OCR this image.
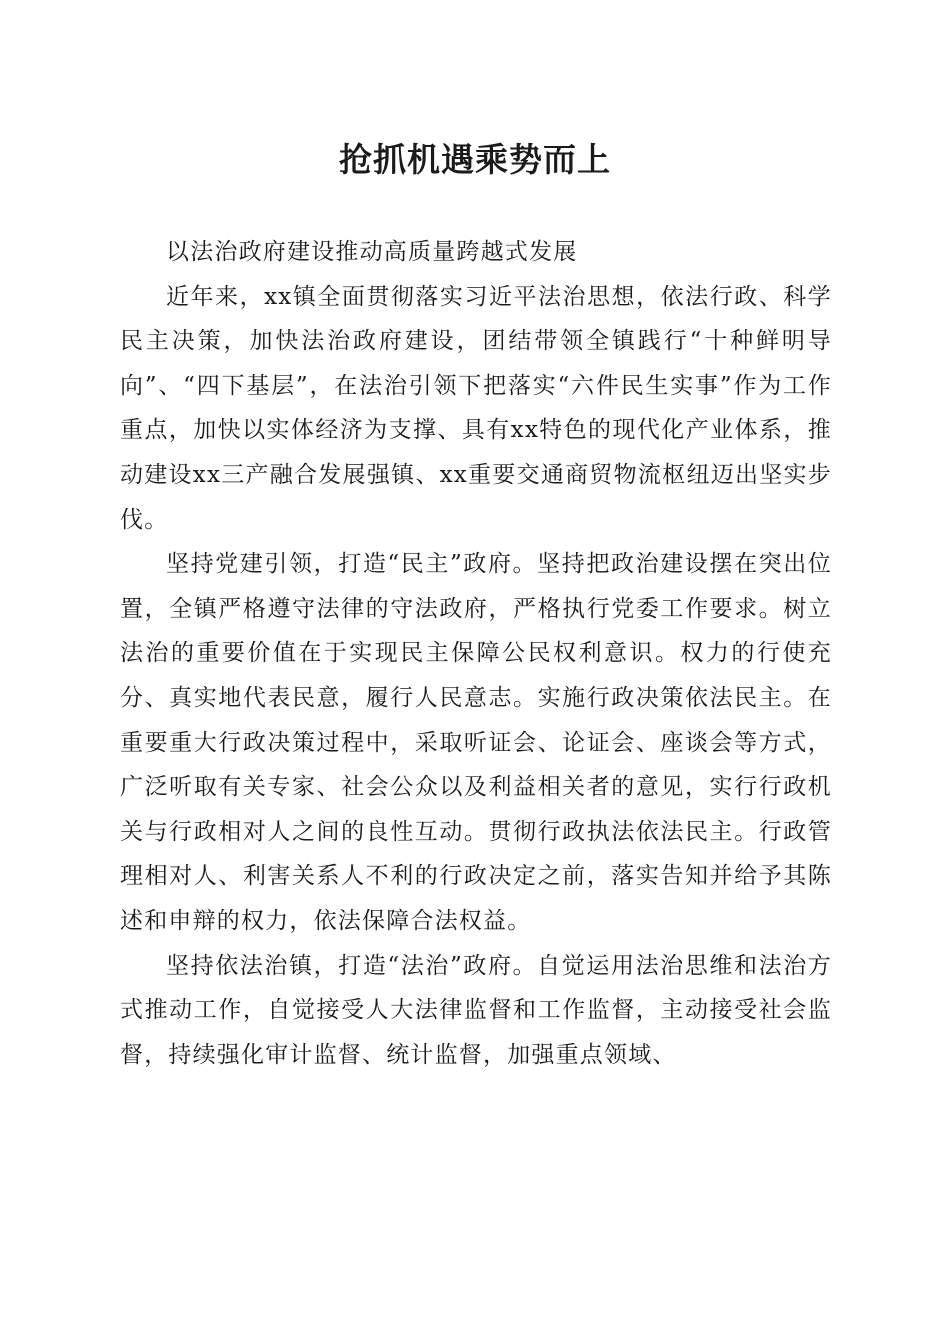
抢抓机遇乘势而上

以法治政府建设推动高质量跨越式发展

近年来，xx镇全面贯彻落实习近平法治思想，依法行政、科学民主决策，加快法治政府建设，团结带领全镇践行“十种鲜明导向”、“四下基层”，在法治引领下把落实“六件民生实事”作为工作重点，加快以实体经济为支撑、具有xx特色的现代化产业体系，推动建设xx三产融合发展强镇、xx重要交通商贸物流枢纽迈出坚实步伐。

坚持党建引领，打造“民主”政府。坚持把政治建设摆在突出位置，全镇严格遵守法律的守法政府，严格执行党委工作要求。树立法治的重要价值在于实现民主保障公民权利意识。权力的行使充分、真实地代表民意，履行人民意志。实施行政决策依法民主。在重要重大行政决策过程中，采取听证会、论证会、座谈会等方式，广泛听取有关专家、社会公众以及利益相关者的意见，实行行政机关与行政相对人之间的良性互动。贯彻行政执法依法民主。行政管理相对人、利害关系人不利的行政决定之前，落实告知并给予其陈述和申辩的权力，依法保障合法权益。

坚持依法治镇，打造“法治”政府。自觉运用法治思维和法治方式推动工作，自觉接受人大法律监督和工作监督，主动接受社会监督，持续强化审计监督、统计监督，加强重点领域、
